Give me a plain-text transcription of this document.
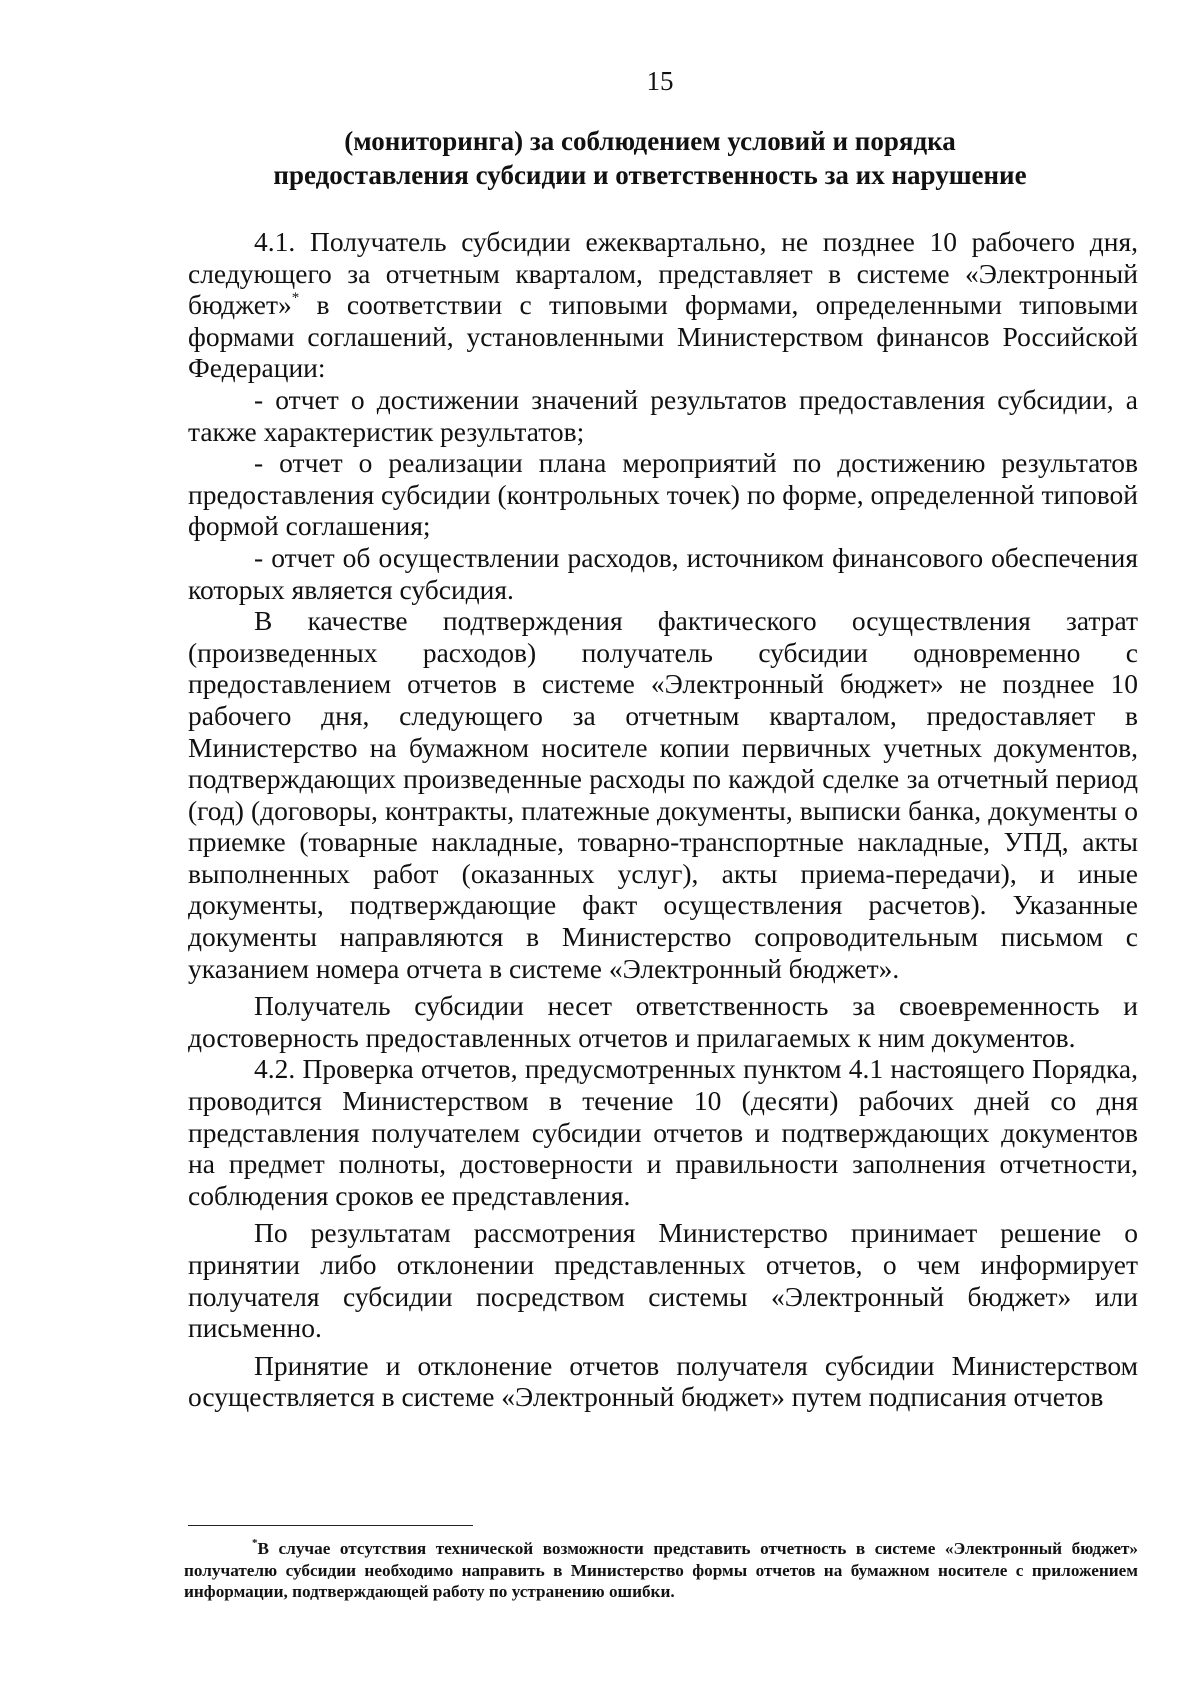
15
(мониторинга) за соблюдением условий и порядка
предоставления субсидии и ответственность за их нарушение

4.1. Получатель субсидии ежеквартально, не позднее 10 рабочего дня, следующего за отчетным кварталом, представляет в системе «Электронный бюджет»* в соответствии с типовыми формами, определенными типовыми формами соглашений, установленными Министерством финансов Российской Федерации:

- отчет о достижении значений результатов предоставления субсидии, а также характеристик результатов;

- отчет о реализации плана мероприятий по достижению результатов предоставления субсидии (контрольных точек) по форме, определенной типовой формой соглашения;

- отчет об осуществлении расходов, источником финансового обеспечения которых является субсидия.

В качестве подтверждения фактического осуществления затрат (произведенных расходов) получатель субсидии одновременно с предоставлением отчетов в системе «Электронный бюджет» не позднее 10 рабочего дня, следующего за отчетным кварталом, предоставляет в Министерство на бумажном носителе копии первичных учетных документов, подтверждающих произведенные расходы по каждой сделке за отчетный период (год) (договоры, контракты, платежные документы, выписки банка, документы о приемке (товарные накладные, товарно-транспортные накладные, УПД, акты выполненных работ (оказанных услуг), акты приема-передачи), и иные документы, подтверждающие факт осуществления расчетов). Указанные документы направляются в Министерство сопроводительным письмом с указанием номера отчета в системе «Электронный бюджет».

Получатель субсидии несет ответственность за своевременность и достоверность предоставленных отчетов и прилагаемых к ним документов.

4.2. Проверка отчетов, предусмотренных пунктом 4.1 настоящего Порядка, проводится Министерством в течение 10 (десяти) рабочих дней со дня представления получателем субсидии отчетов и подтверждающих документов на предмет полноты, достоверности и правильности заполнения отчетности, соблюдения сроков ее представления.

По результатам рассмотрения Министерство принимает решение о принятии либо отклонении представленных отчетов, о чем информирует получателя субсидии посредством системы «Электронный бюджет» или письменно.

Принятие и отклонение отчетов получателя субсидии Министерством осуществляется в системе «Электронный бюджет» путем подписания отчетов

*В случае отсутствия технической возможности представить отчетность в системе «Электронный бюджет» получателю субсидии необходимо направить в Министерство формы отчетов на бумажном носителе с приложением информации, подтверждающей работу по устранению ошибки.
